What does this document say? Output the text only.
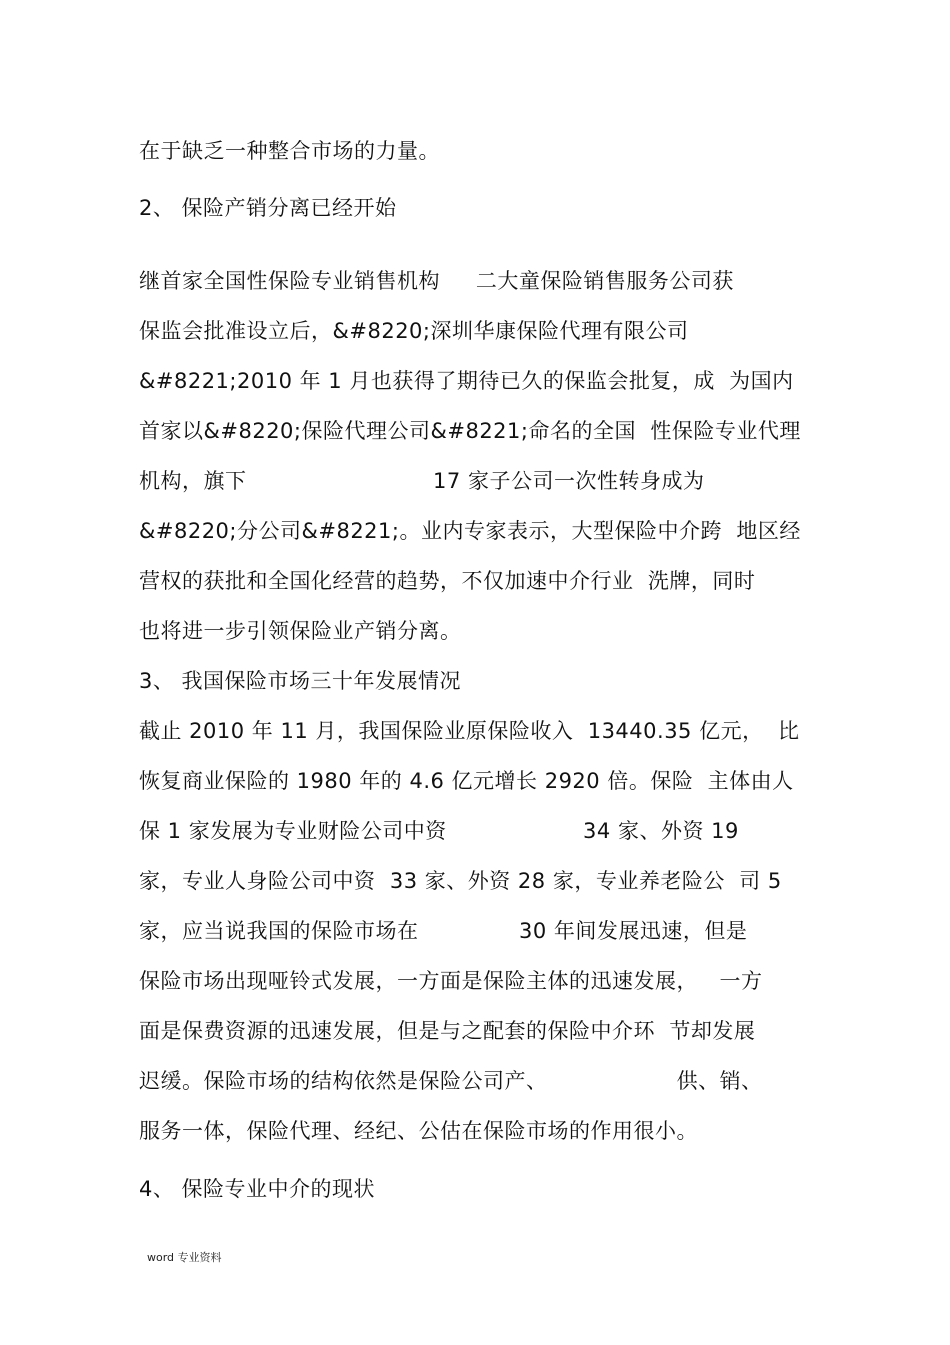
在于缺乏一种整合市场的力量。
2、 保险产销分离已经开始
继首家全国性保险专业销售机构     二大童保险销售服务公司获
保监会批准设立后，&#8220;深圳华康保险代理有限公司
&#8221;2010 年 1 月也获得了期待已久的保监会批复，成  为国内
首家以&#8220;保险代理公司&#8221;命名的全国  性保险专业代理
机构，旗下                          17 家子公司一次性转身成为
&#8220;分公司&#8221;。业内专家表示，大型保险中介跨  地区经
营权的获批和全国化经营的趋势，不仅加速中介行业  洗牌，同时
也将进一步引领保险业产销分离。
3、 我国保险市场三十年发展情况
截止 2010 年 11 月，我国保险业原保险收入  13440.35 亿元，  比
恢复商业保险的 1980 年的 4.6 亿元增长 2920 倍。保险  主体由人
保 1 家发展为专业财险公司中资                   34 家、外资 19
家，专业人身险公司中资  33 家、外资 28 家，专业养老险公  司 5
家，应当说我国的保险市场在              30 年间发展迅速，但是
保险市场出现哑铃式发展，一方面是保险主体的迅速发展，   一方
面是保费资源的迅速发展，但是与之配套的保险中介环  节却发展
迟缓。保险市场的结构依然是保险公司产、                  供、销、
服务一体，保险代理、经纪、公估在保险市场的作用很小。
4、 保险专业中介的现状
word 专业资料
